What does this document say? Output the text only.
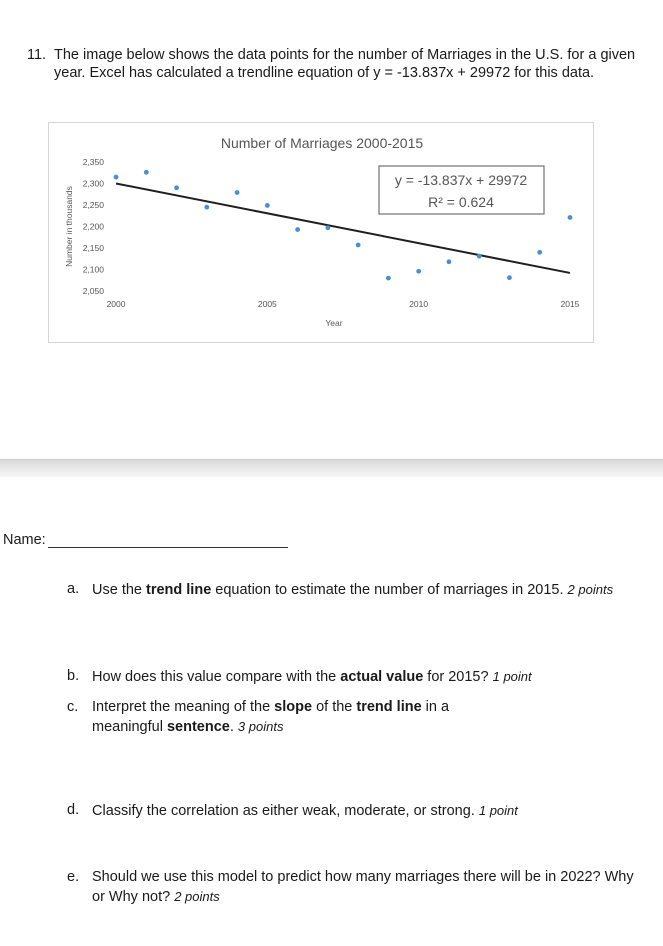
11. The image below shows the data points for the number of Marriages in the U.S. for a given year. Excel has calculated a trendline equation of y = -13.837x + 29972 for this data.
Number of Marriages 2000-2015
2,050
2,100
2,150
2,200
2,250
2,300
2,350
2000	2005	2010	2015
Year
Number in thousands
y = -13.837x + 29972
R² = 0.624
Name:
a. Use the trend line equation to estimate the number of marriages in 2015. 2 points
b. How does this value compare with the actual value for 2015? 1 point
c. Interpret the meaning of the slope of the trend line in a meaningful sentence. 3 points
d. Classify the correlation as either weak, moderate, or strong. 1 point
e. Should we use this model to predict how many marriages there will be in 2022? Why or Why not? 2 points
